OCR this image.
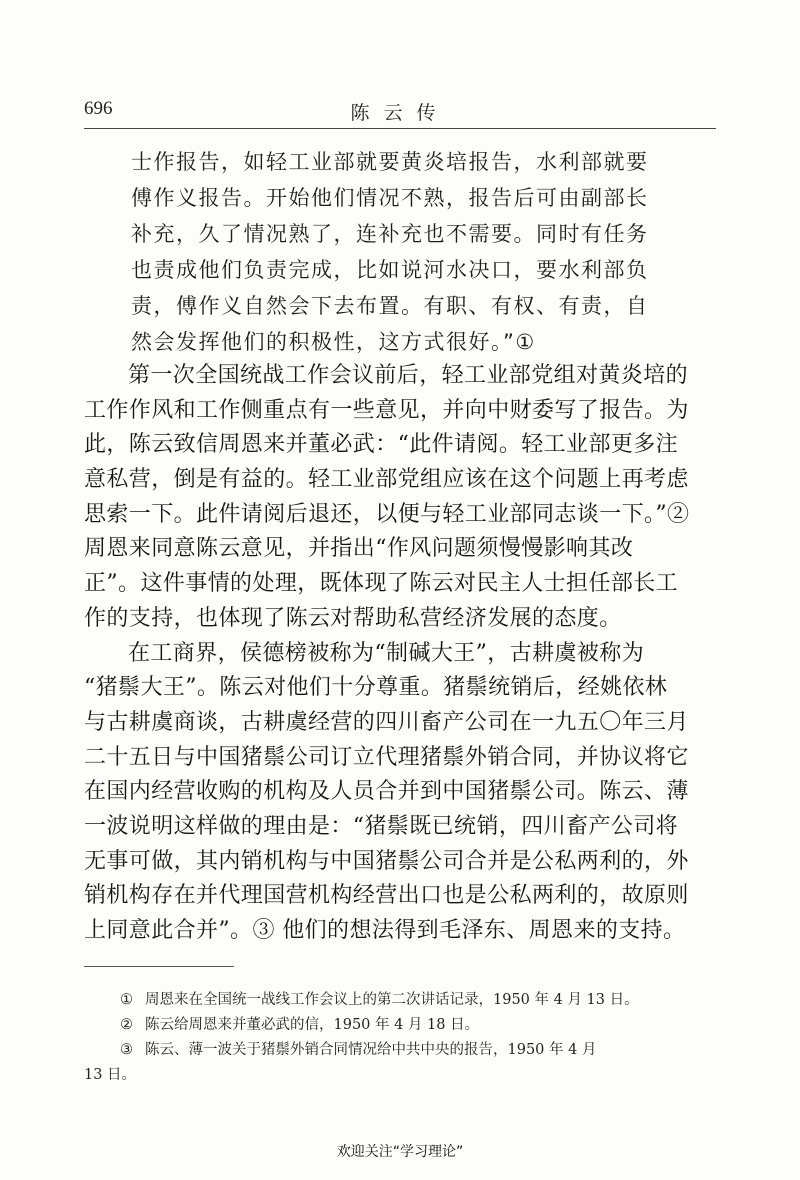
696	陈云传
士作报告，如轻工业部就要黄炎培报告，水利部就要
傅作义报告。开始他们情况不熟，报告后可由副部长
补充，久了情况熟了，连补充也不需要。同时有任务
也责成他们负责完成，比如说河水决口，要水利部负
责，傅作义自然会下去布置。有职、有权、有责，自
然会发挥他们的积极性，这方式很好。”①
第一次全国统战工作会议前后，轻工业部党组对黄炎培的
工作作风和工作侧重点有一些意见，并向中财委写了报告。为
此，陈云致信周恩来并董必武：“此件请阅。轻工业部更多注
意私营，倒是有益的。轻工业部党组应该在这个问题上再考虑
思索一下。此件请阅后退还，以便与轻工业部同志谈一下。”②
周恩来同意陈云意见，并指出“作风问题须慢慢影响其改
正”。这件事情的处理，既体现了陈云对民主人士担任部长工
作的支持，也体现了陈云对帮助私营经济发展的态度。
在工商界，侯德榜被称为“制碱大王”，古耕虞被称为
“猪鬃大王”。陈云对他们十分尊重。猪鬃统销后，经姚依林
与古耕虞商谈，古耕虞经营的四川畜产公司在一九五〇年三月
二十五日与中国猪鬃公司订立代理猪鬃外销合同，并协议将它
在国内经营收购的机构及人员合并到中国猪鬃公司。陈云、薄
一波说明这样做的理由是：“猪鬃既已统销，四川畜产公司将
无事可做，其内销机构与中国猪鬃公司合并是公私两利的，外
销机构存在并代理国营机构经营出口也是公私两利的，故原则
上同意此合并”。③ 他们的想法得到毛泽东、周恩来的支持。
① 周恩来在全国统一战线工作会议上的第二次讲话记录，1950 年 4 月 13 日。
② 陈云给周恩来并董必武的信，1950 年 4 月 18 日。
③ 陈云、薄一波关于猪鬃外销合同情况给中共中央的报告，1950 年 4 月
13 日。
欢迎关注“学习理论”
